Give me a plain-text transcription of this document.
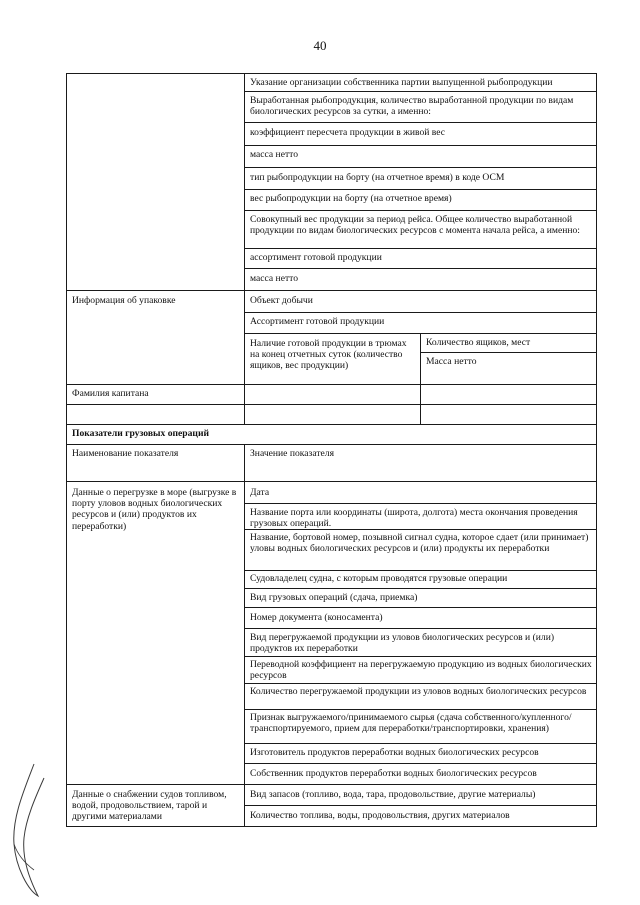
40
Указание организации собственника партии выпущенной рыбопродукции
Выработанная рыбопродукция, количество выработанной продукции по видам биологических ресурсов за сутки, а именно:
коэффициент пересчета продукции в живой вес
масса нетто
тип рыбопродукции на борту (на отчетное время) в коде ОСМ
вес рыбопродукции на борту (на отчетное время)
Совокупный вес продукции за период рейса. Общее количество выработанной продукции по видам биологических ресурсов с момента начала рейса, а именно:
ассортимент готовой продукции
масса нетто
Информация об упаковке	Объект добычи
Ассортимент готовой продукции
Наличие готовой продукции в трюмах на конец отчетных суток (количество ящиков, вес продукции)
Количество ящиков, мест
Масса нетто
Фамилия капитана
Показатели грузовых операций
Наименование показателя	Значение показателя
Данные о перегрузке в море (выгрузке в порту уловов водных биологических ресурсов и (или) продуктов их переработки)
Дата
Название порта или координаты (широта, долгота) места окончания проведения грузовых операций.
Название, бортовой номер, позывной сигнал судна, которое сдает (или принимает) уловы водных биологических ресурсов и (или) продукты их переработки
Судовладелец судна, с которым проводятся грузовые операции
Вид грузовых операций (сдача, приемка)
Номер документа (коносамента)
Вид перегружаемой продукции из уловов биологических ресурсов и (или) продуктов их переработки
Переводной коэффициент на перегружаемую продукцию из водных биологических ресурсов
Количество перегружаемой продукции из уловов водных биологических ресурсов
Признак выгружаемого/принимаемого сырья (сдача собственного/купленного/транспортируемого, прием для переработки/транспортировки, хранения)
Изготовитель продуктов переработки водных биологических ресурсов
Собственник продуктов переработки водных биологических ресурсов
Данные о снабжении судов топливом, водой, продовольствием, тарой и другими материалами
Вид запасов (топливо, вода, тара, продовольствие, другие материалы)
Количество топлива, воды, продовольствия, других материалов
